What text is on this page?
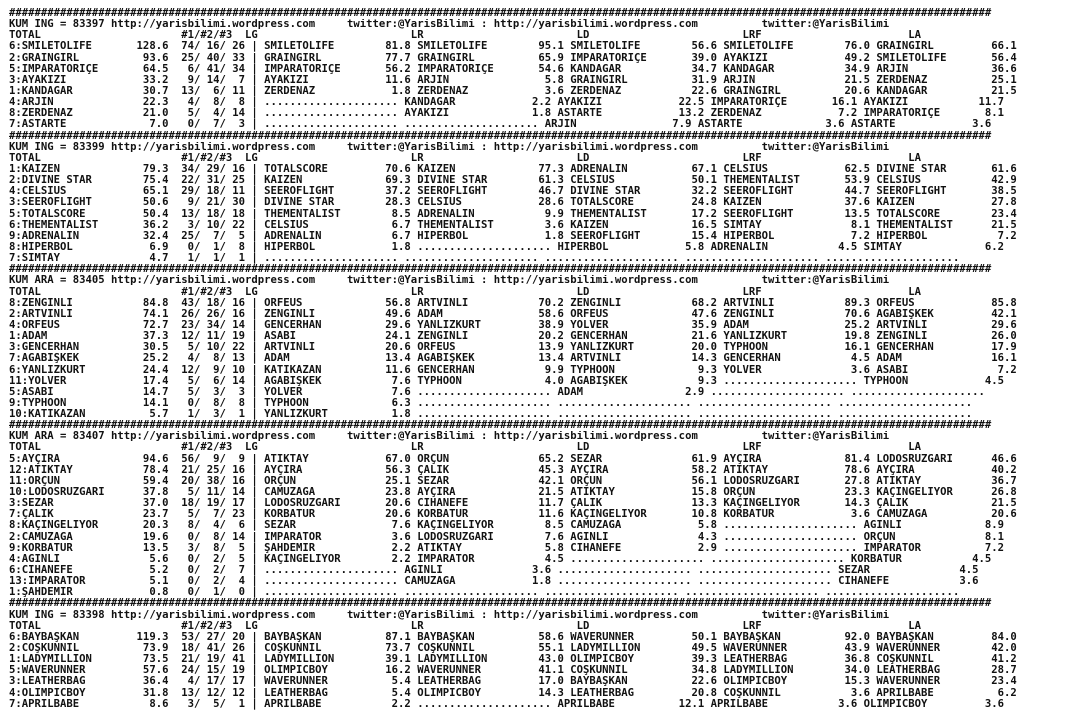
##########################################################################################################################################################
KUM ING = 83397 http://yarisbilimi.wordpress.com     twitter:@YarisBilimi : http://yarisbilimi.wordpress.com          twitter:@YarisBilimi
TOTAL                      #1/#2/#3  LG                        LR                        LD                        LRF                       LA
6:SMILETOLIFE       128.6  74/ 16/ 26 | SMILETOLIFE        81.8 SMILETOLIFE        95.1 SMILETOLIFE        56.6 SMILETOLIFE        76.0 GRAINGIRL         66.1
2:GRAINGIRL          93.6  25/ 40/ 33 | GRAINGIRL          77.7 GRAINGIRL          65.9 İMPARATORİÇE       39.0 AYAKIZI            49.2 SMILETOLIFE       56.4
5:İMPARATORİÇE       64.5   6/ 41/ 34 | İMPARATORİÇE       56.2 İMPARATORİÇE       54.6 KANDAGAR           34.7 KANDAGAR           34.9 ARJIN             36.6
3:AYAKIZI            33.2   9/ 14/  7 | AYAKIZI            11.6 ARJIN               5.8 GRAINGIRL          31.9 ARJIN              21.5 ZERDENAZ          25.1
1:KANDAGAR           30.7  13/  6/ 11 | ZERDENAZ            1.8 ZERDENAZ            3.6 ZERDENAZ           22.6 GRAINGIRL          20.6 KANDAGAR          21.5
4:ARJIN              22.3   4/  8/  8 | ..................... KANDAGAR            2.2 AYAKIZI            22.5 İMPARATORİÇE       16.1 AYAKIZI           11.7
8:ZERDENAZ           21.0   5/  4/ 14 | ..................... AYAKIZI             1.8 ASTARTE            13.2 ZERDENAZ            7.2 İMPARATORİÇE       8.1
7:ASTARTE             7.0   0/  7/  3 | ..................... ..................... ARJIN               7.9 ASTARTE             3.6 ASTARTE            3.6
##########################################################################################################################################################
KUM ING = 83399 http://yarisbilimi.wordpress.com     twitter:@YarisBilimi : http://yarisbilimi.wordpress.com          twitter:@YarisBilimi
TOTAL                      #1/#2/#3  LG                        LR                        LD                        LRF                       LA
1:KAIZEN             79.3  34/ 29/ 16 | TOTALSCORE         70.6 KAIZEN             77.3 ADRENALİN          67.1 CELSIUS            62.5 DIVINE STAR       61.6
2:DIVINE STAR        75.4  22/ 31/ 25 | KAIZEN             69.3 DIVINE STAR        61.3 CELSIUS            50.1 THEMENTALIST       53.9 CELSIUS           42.9
4:CELSIUS            65.1  29/ 18/ 11 | SEEROFLIGHT        37.2 SEEROFLIGHT        46.7 DIVINE STAR        32.2 SEEROFLIGHT        44.7 SEEROFLIGHT       38.5
3:SEEROFLIGHT        50.6   9/ 21/ 30 | DIVINE STAR        28.3 CELSIUS            28.6 TOTALSCORE         24.8 KAIZEN             37.6 KAIZEN            27.8
5:TOTALSCORE         50.4  13/ 18/ 18 | THEMENTALIST        8.5 ADRENALİN           9.9 THEMENTALIST       17.2 SEEROFLIGHT        13.5 TOTALSCORE        23.4
6:THEMENTALIST       36.2   3/ 10/ 22 | CELSIUS             6.7 THEMENTALIST        3.6 KAIZEN             16.5 SİMTAY              8.1 THEMENTALIST      21.5
9:ADRENALİN          32.4  25/  7/  5 | ADRENALİN           6.7 HİPERBOL            1.8 SEEROFLIGHT        15.4 HİPERBOL            7.2 HİPERBOL           7.2
8:HİPERBOL            6.9   0/  1/  8 | HİPERBOL            1.8 ..................... HİPERBOL            5.8 ADRENALİN           4.5 SİMTAY             6.2
7:SİMTAY              4.7   1/  1/  1 | ..................... ..................... ..................... ..................... .....................
##########################################################################################################################################################
KUM ARA = 83405 http://yarisbilimi.wordpress.com     twitter:@YarisBilimi : http://yarisbilimi.wordpress.com          twitter:@YarisBilimi
TOTAL                      #1/#2/#3  LG                        LR                        LD                        LRF                       LA
8:ZENGİNLİ           84.8  43/ 18/ 16 | ORFEUS             56.8 ARTVİNLİ           70.2 ZENGİNLİ           68.2 ARTVİNLİ           89.3 ORFEUS            85.8
2:ARTVİNLİ           74.1  26/ 26/ 16 | ZENGİNLİ           49.6 ADAM               58.6 ORFEUS             47.6 ZENGİNLİ           70.6 AĞABİŞKEK         42.1
4:ORFEUS             72.7  23/ 34/ 14 | GENCERHAN          29.6 YANLIZKURT         38.9 YOLVER             35.9 ADAM               25.2 ARTVİNLİ          29.6
1:ADAM               37.3  12/ 11/ 19 | ASABİ              24.1 ZENGİNLİ           20.2 GENCERHAN          21.6 YANLIZKURT         19.8 ZENGİNLİ          26.0
3:GENCERHAN          30.5   5/ 10/ 22 | ARTVİNLİ           20.6 ORFEUS             13.9 YANLIZKURT         20.0 TYPHOON            16.1 GENCERHAN         17.9
7:AĞABİŞKEK          25.2   4/  8/ 13 | ADAM               13.4 AĞABİŞKEK          13.4 ARTVİNLİ           14.3 GENCERHAN           4.5 ADAM              16.1
6:YANLIZKURT         24.4  12/  9/ 10 | KATIKAZAN          11.6 GENCERHAN           9.9 TYPHOON             9.3 YOLVER              3.6 ASABİ              7.2
11:YOLVER            17.4   5/  6/ 14 | AĞABİŞKEK           7.6 TYPHOON             4.0 AĞABİŞKEK           9.3 ..................... TYPHOON            4.5
5:ASABİ              14.7   5/  3/  3 | YOLVER              7.6 ..................... ADAM                2.9 ..................... .....................
9:TYPHOON            14.1   0/  8/  8 | TYPHOON             6.3 ..................... ..................... ..................... .....................
10:KATIKAZAN          5.7   1/  3/  1 | YANLIZKURT          1.8 ..................... ..................... ..................... .....................
##########################################################################################################################################################
KUM ARA = 83407 http://yarisbilimi.wordpress.com     twitter:@YarisBilimi : http://yarisbilimi.wordpress.com          twitter:@YarisBilimi
TOTAL                      #1/#2/#3  LG                        LR                        LD                        LRF                       LA
5:AYÇIRA             94.6  56/  9/  9 | ATİKTAY            67.0 ORÇUN              65.2 SEZAR              61.9 AYÇIRA             81.4 LODOSRÜZGARI      46.6
12:ATİKTAY           78.4  21/ 25/ 16 | AYÇIRA             56.3 ÇALIK              45.3 AYÇIRA             58.2 ATİKTAY            78.6 AYÇIRA            40.2
11:ORÇUN             59.4  20/ 38/ 16 | ORÇUN              25.1 SEZAR              42.1 ORÇUN              56.1 LODOSRÜZGARI       27.8 ATİKTAY           36.7
10:LODOSRÜZGARI      37.8   5/ 11/ 14 | CAMUZAĞA           23.8 AYÇIRA             21.5 ATİKTAY            15.8 ORÇUN              23.3 KAÇINGELİYOR      26.8
3:SEZAR              37.0  18/ 19/ 17 | LODOSRÜZGARI       20.6 CİHANEFE           11.7 ÇALIK              13.3 KAÇINGELİYOR       14.3 ÇALIK             21.5
7:ÇALIK              23.7   5/  7/ 23 | KORBATUR           20.6 KORBATUR           11.6 KAÇINGELİYOR       10.8 KORBATUR            3.6 CAMUZAĞA          20.6
8:KAÇINGELİYOR       20.3   8/  4/  6 | SEZAR               7.6 KAÇINGELİYOR        8.5 CAMUZAĞA            5.8 ..................... AĞINLI             8.9
2:CAMUZAĞA           19.6   0/  8/ 14 | İMPARATOR           3.6 LODOSRÜZGARI        7.6 AĞINLI              4.3 ..................... ORÇUN              8.1
9:KORBATUR           13.5   3/  8/  5 | ŞAHDEMİR            2.2 ATİKTAY             5.8 CİHANEFE            2.9 ..................... İMPARATOR          7.2
4:AĞINLI              5.6   0/  2/  5 | KAÇINGELİYOR        2.2 İMPARATOR           4.5 ..................... ..................... KORBATUR           4.5
6:CİHANEFE            5.2   0/  2/  7 | ..................... AĞINLI              3.6 ..................... ..................... SEZAR              4.5
13:İMPARATOR          5.1   0/  2/  4 | ..................... CAMUZAĞA            1.8 ..................... ..................... CİHANEFE           3.6
1:ŞAHDEMİR            0.8   0/  1/  0 | ..................... ..................... ..................... ..................... .....................
##########################################################################################################################################################
KUM ING = 83398 http://yarisbilimi.wordpress.com     twitter:@YarisBilimi : http://yarisbilimi.wordpress.com          twitter:@YarisBilimi
TOTAL                      #1/#2/#3  LG                        LR                        LD                        LRF                       LA
6:BAYBAŞKAN         119.3  53/ 27/ 20 | BAYBAŞKAN          87.1 BAYBAŞKAN          58.6 WAVERUNNER         50.1 BAYBAŞKAN          92.0 BAYBAŞKAN         84.0
2:COŞKUNNİL          73.9  18/ 41/ 26 | COŞKUNNİL          73.7 COŞKUNNİL          55.1 LADYMILLION        49.5 WAVERUNNER         43.9 WAVERUNNER        42.0
1:LADYMILLION        73.5  21/ 19/ 41 | LADYMILLION        39.1 LADYMILLION        43.0 OLIMPICBOY         39.3 LEATHERBAG         36.8 COŞKUNNİL         41.2
5:WAVERUNNER         57.6  24/ 15/ 19 | OLIMPICBOY         16.2 WAVERUNNER         41.1 COŞKUNNİL          34.8 LADYMILLION        34.0 LEATHERBAG        28.7
3:LEATHERBAG         36.4   4/ 17/ 17 | WAVERUNNER          5.4 LEATHERBAG         17.0 BAYBAŞKAN          22.6 OLIMPICBOY         15.3 WAVERUNNER        23.4
4:OLIMPICBOY         31.8  13/ 12/ 12 | LEATHERBAG          5.4 OLIMPICBOY         14.3 LEATHERBAG         20.8 COŞKUNNİL           3.6 APRILBABE          6.2
7:APRILBABE           8.6   3/  5/  1 | APRILBABE           2.2 ..................... APRILBABE          12.1 APRILBABE           3.6 OLIMPICBOY         3.6
